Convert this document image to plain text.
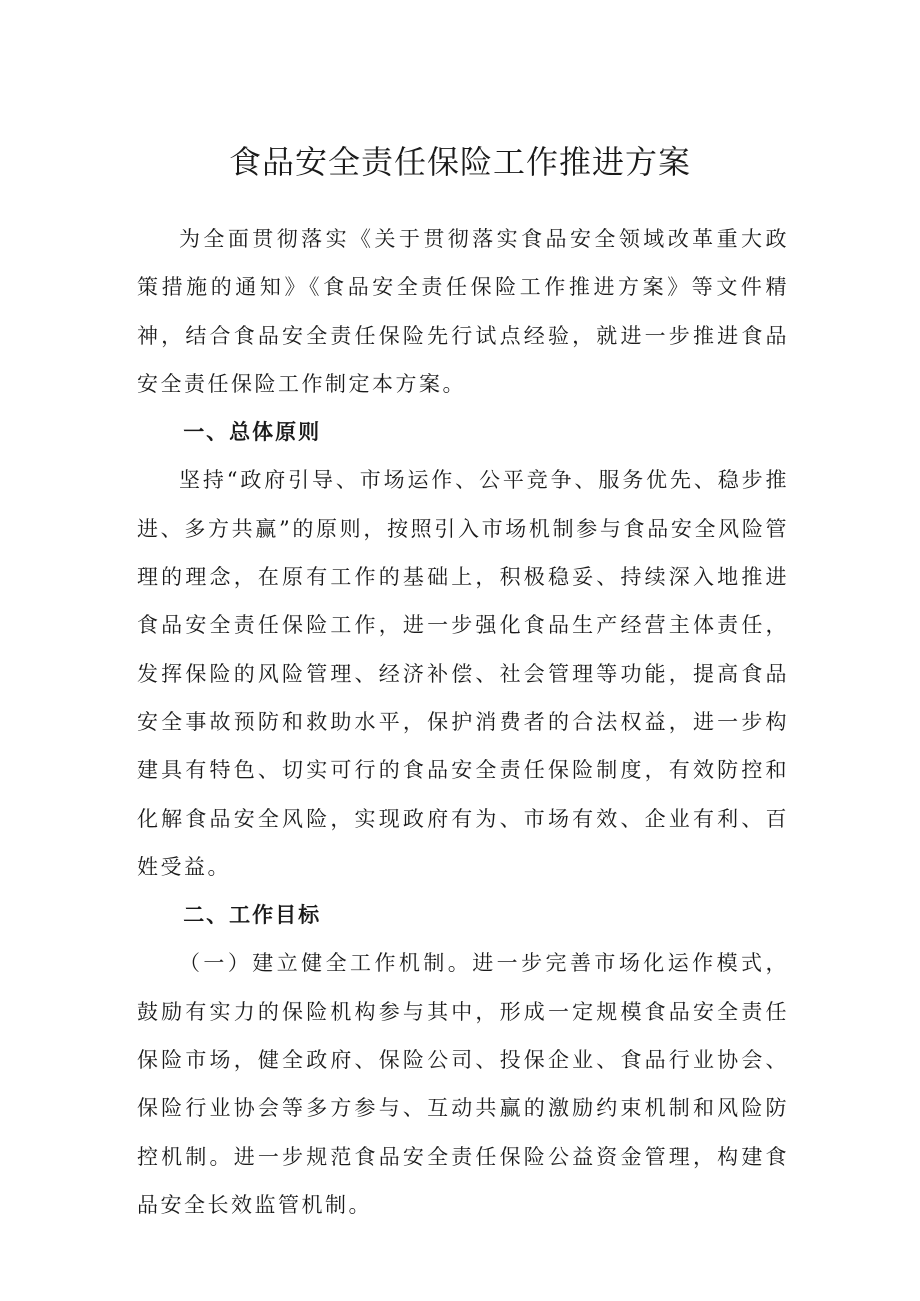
食品安全责任保险工作推进方案

为全面贯彻落实《关于贯彻落实食品安全领域改革重大政策措施的通知》《食品安全责任保险工作推进方案》等文件精神，结合食品安全责任保险先行试点经验，就进一步推进食品安全责任保险工作制定本方案。

一、总体原则

坚持“政府引导、市场运作、公平竞争、服务优先、稳步推进、多方共赢”的原则，按照引入市场机制参与食品安全风险管理的理念，在原有工作的基础上，积极稳妥、持续深入地推进食品安全责任保险工作，进一步强化食品生产经营主体责任，发挥保险的风险管理、经济补偿、社会管理等功能，提高食品安全事故预防和救助水平，保护消费者的合法权益，进一步构建具有特色、切实可行的食品安全责任保险制度，有效防控和化解食品安全风险，实现政府有为、市场有效、企业有利、百姓受益。

二、工作目标

（一）建立健全工作机制。进一步完善市场化运作模式，鼓励有实力的保险机构参与其中，形成一定规模食品安全责任保险市场，健全政府、保险公司、投保企业、食品行业协会、保险行业协会等多方参与、互动共赢的激励约束机制和风险防控机制。进一步规范食品安全责任保险公益资金管理，构建食品安全长效监管机制。
